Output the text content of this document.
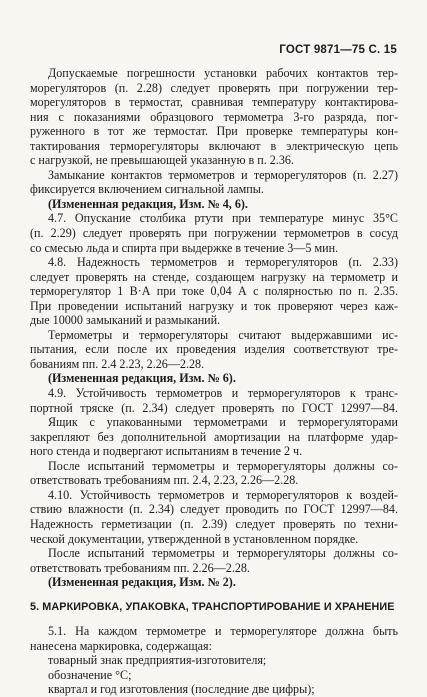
ГОСТ 9871—75 С. 15
Допускаемые погрешности установки рабочих контактов тер-
морегуляторов (п. 2.28) следует проверять при погружении тер-
морегуляторов в термостат, сравнивая температуру контактирова-
ния с показаниями образцового термометра 3-го разряда, пог-
руженного в тот же термостат. При проверке температуры кон-
тактирования терморегуляторы включают в электрическую цепь
с нагрузкой, не превышающей указанную в п. 2.36.
Замыкание контактов термометров и терморегуляторов (п. 2.27)
фиксируется включением сигнальной лампы.
(Измененная редакция, Изм. № 4, 6).
4.7. Опускание столбика ртути при температуре минус 35°С
(п. 2.29) следует проверять при погружении термометров в сосуд
со смесью льда и спирта при выдержке в течение 3—5 мин.
4.8. Надежность термометров и терморегуляторов (п. 2.33)
следует проверять на стенде, создающем нагрузку на термометр и
терморегулятор 1 В·А при токе 0,04 А с полярностью по п. 2.35.
При проведении испытаний нагрузку и ток проверяют через каж-
дые 10000 замыканий и размыканий.
Термометры и терморегуляторы считают выдержавшими ис-
пытания, если после их проведения изделия соответствуют тре-
бованиям пп. 2.4 2.23, 2.26—2.28.
(Измененная редакция, Изм. № 6).
4.9. Устойчивость термометров и терморегуляторов к транс-
портной тряске (п. 2.34) следует проверять по ГОСТ 12997—84.
Ящик с упакованными термометрами и терморегуляторами
закрепляют без дополнительной амортизации на платформе удар-
ного стенда и подвергают испытаниям в течение 2 ч.
После испытаний термометры и терморегуляторы должны со-
ответствовать требованиям пп. 2.4, 2.23, 2.26—2.28.
4.10. Устойчивость термометров и терморегуляторов к воздей-
ствию влажности (п. 2.34) следует проводить по ГОСТ 12997—84.
Надежность герметизации (п. 2.39) следует проверять по техни-
ческой документации, утвержденной в установленном порядке.
После испытаний термометры и терморегуляторы должны со-
ответствовать требованиям пп. 2.26—2.28.
(Измененная редакция, Изм. № 2).
5. МАРКИРОВКА, УПАКОВКА, ТРАНСПОРТИРОВАНИЕ И ХРАНЕНИЕ
5.1. На каждом термометре и терморегуляторе должна быть
нанесена маркировка, содержащая:
товарный знак предприятия-изготовителя;
обозначение °С;
квартал и год изготовления (последние две цифры);
